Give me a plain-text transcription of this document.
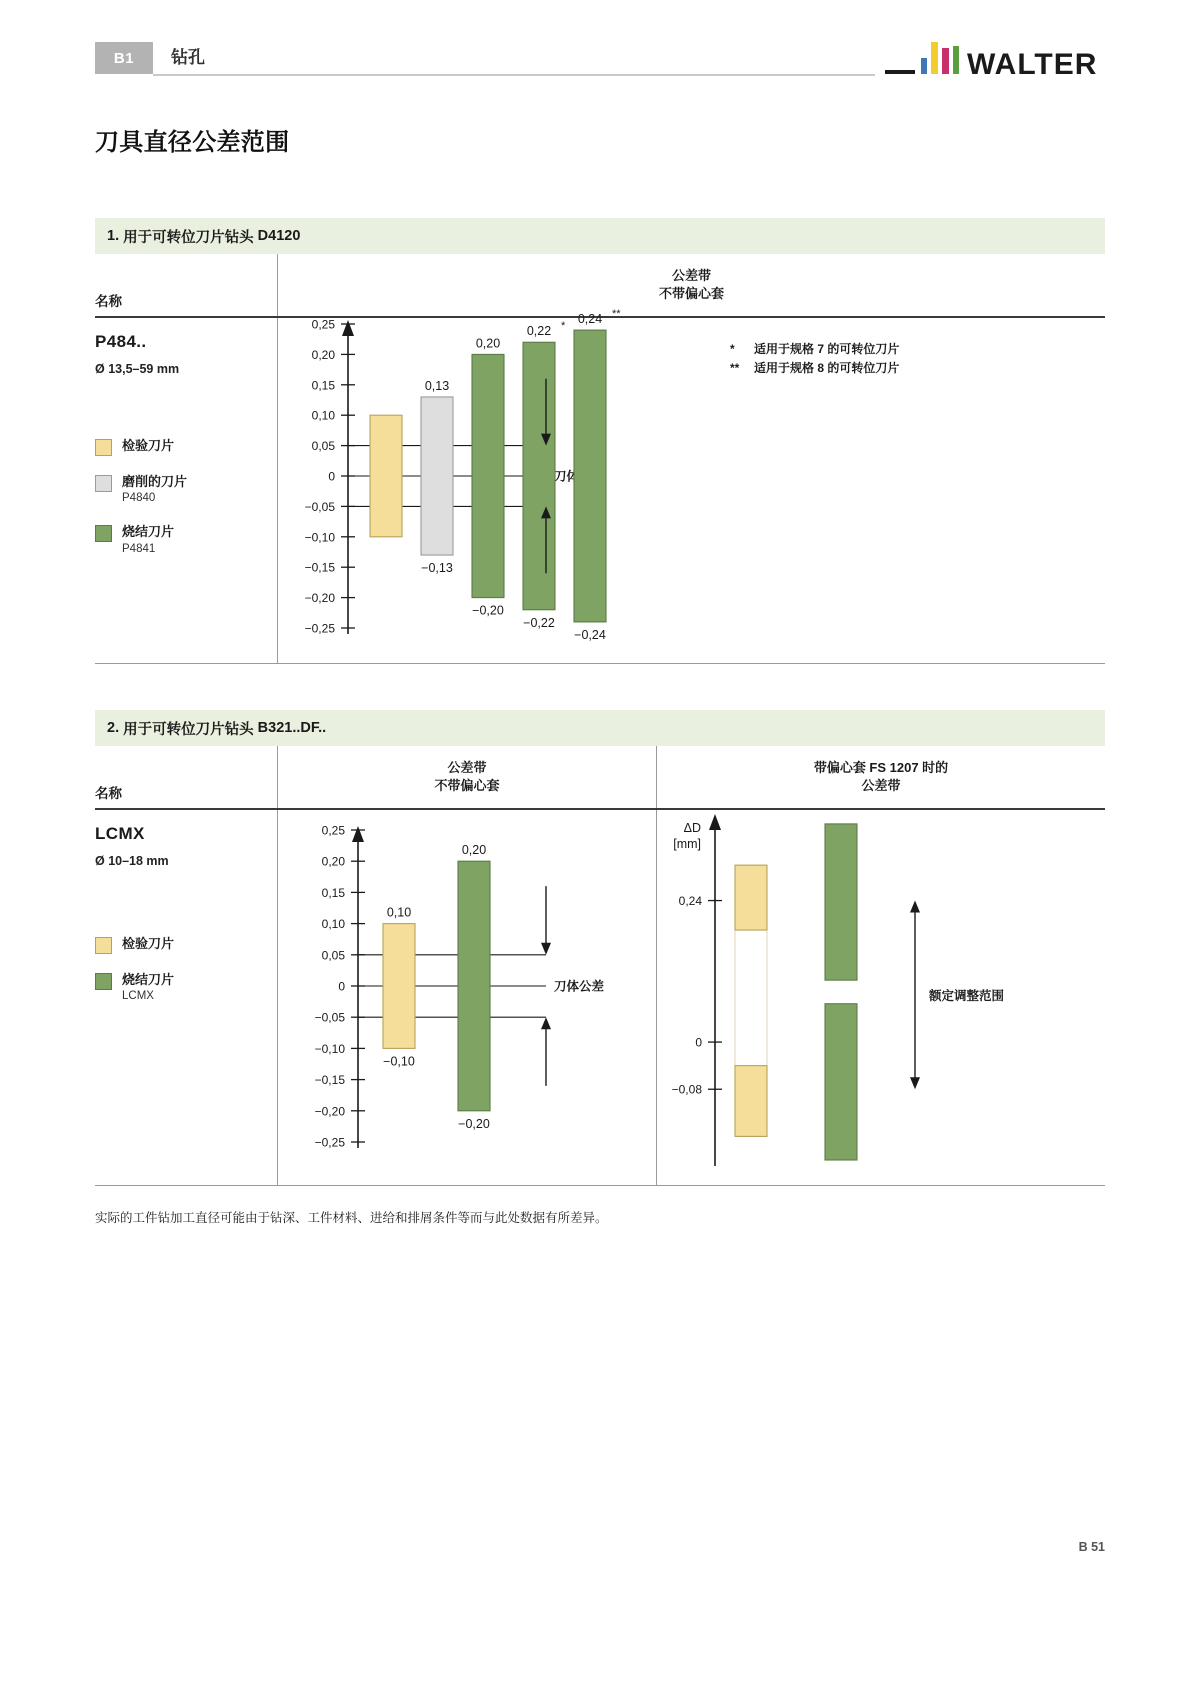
B1	钻孔	WALTER
刀具直径公差范围
1.
用于可转位刀片钻头
D4120
名称
公差带
不带偏心套
P484..
Ø 13,5–59 mm
检验刀片
磨削的刀片
P4840
烧结刀片
P4841
0,25
0,20
0,15
0,10
0,05
0
−0,05
−0,10
−0,15
−0,20
−0,25
0,13
−0,13
0,20
−0,20
0,22 *
−0,22
0,24 **
−0,24
*	适用于规格 7 的可转位刀片
**	适用于规格 8 的可转位刀片
2.
用于可转位刀片钻头
B321..DF..
名称
公差带
不带偏心套
带偏心套 FS 1207 时的
公差带
LCMX
Ø 10–18 mm
检验刀片
烧结刀片
LCMX
0,25
0,20
0,15
0,10
0,05
0
−0,05
−0,10
−0,15
−0,20
−0,25
刀体公差
0,10
−0,10
0,20
−0,20
0,24
0
−0,08
ΔD
[mm]
额定调整范围
实际的工件钻加工直径可能由于钻深、工件材料、进给和排屑条件等而与此处数据有所差异。
B 51
